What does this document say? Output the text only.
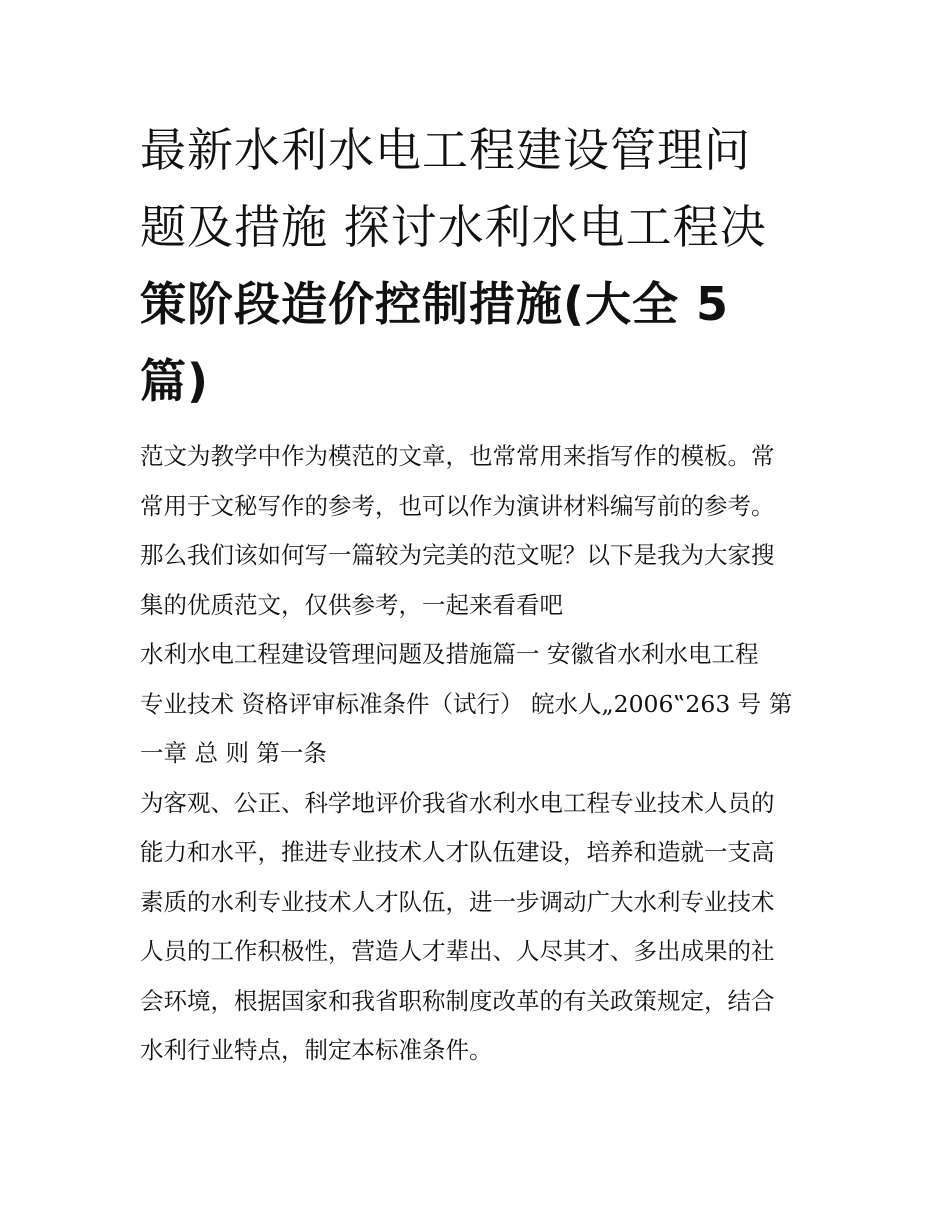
最新水利水电工程建设管理问
题及措施 探讨水利水电工程决
策阶段造价控制措施(大全 5
篇)

范文为教学中作为模范的文章，也常常用来指写作的模板。常
常用于文秘写作的参考，也可以作为演讲材料编写前的参考。
那么我们该如何写一篇较为完美的范文呢？以下是我为大家搜
集的优质范文，仅供参考，一起来看看吧

水利水电工程建设管理问题及措施篇一 安徽省水利水电工程
专业技术 资格评审标准条件（试行） 皖水人„2006‟263 号 第
一章 总 则 第一条

为客观、公正、科学地评价我省水利水电工程专业技术人员的
能力和水平，推进专业技术人才队伍建设，培养和造就一支高
素质的水利专业技术人才队伍，进一步调动广大水利专业技术
人员的工作积极性，营造人才辈出、人尽其才、多出成果的社
会环境，根据国家和我省职称制度改革的有关政策规定，结合
水利行业特点，制定本标准条件。
